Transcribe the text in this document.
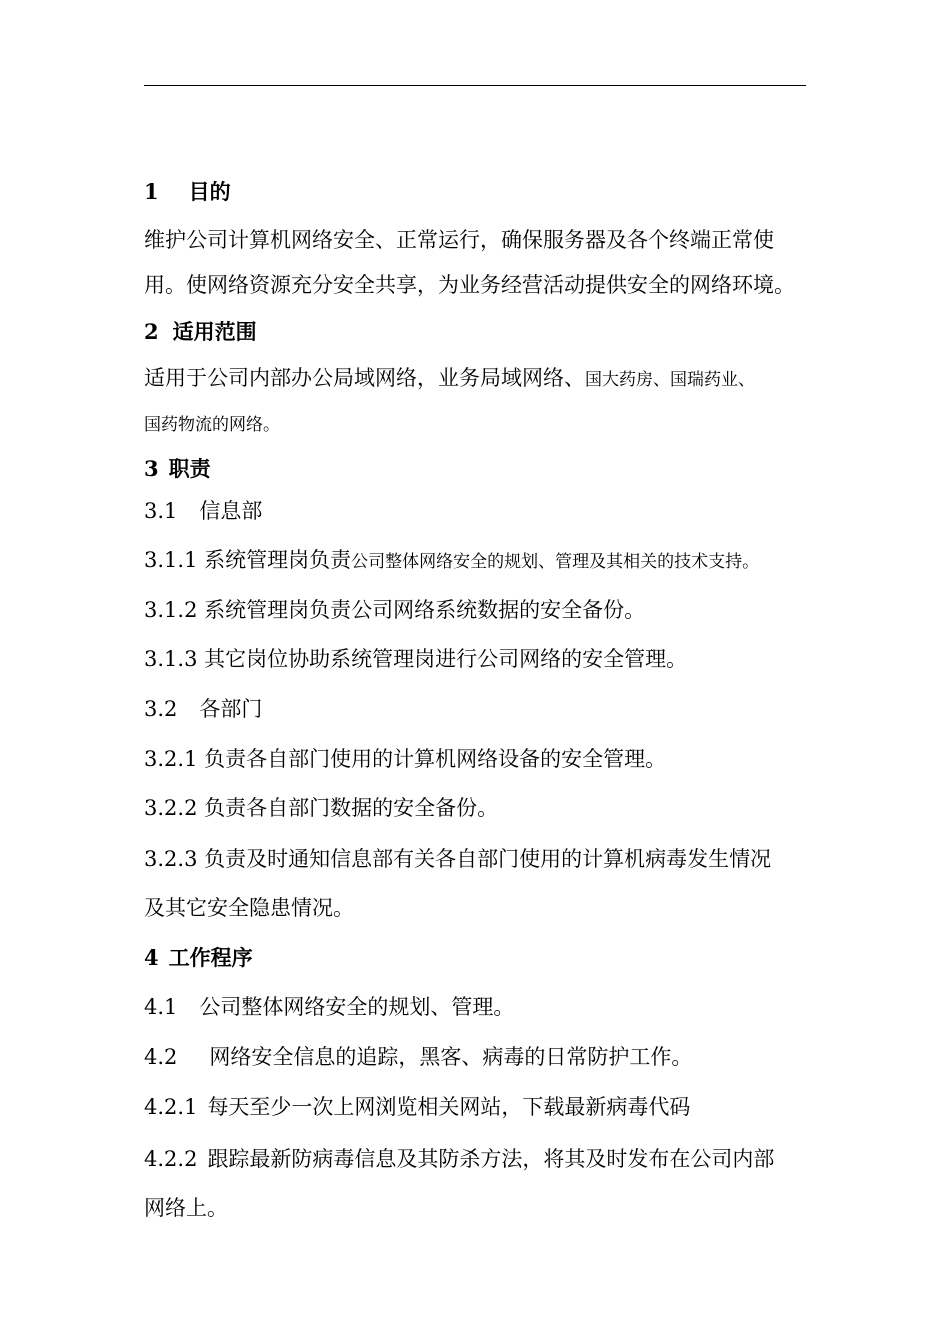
1 目的
维护公司计算机网络安全、正常运行，确保服务器及各个终端正常使
用。使网络资源充分安全共享，为业务经营活动提供安全的网络环境。
2 适用范围
适用于公司内部办公局域网络，业务局域网络、国大药房、国瑞药业、
国药物流的网络。
3 职责
3.1 信息部
3.1.1 系统管理岗负责公司整体网络安全的规划、管理及其相关的技术支持。
3.1.2 系统管理岗负责公司网络系统数据的安全备份。
3.1.3 其它岗位协助系统管理岗进行公司网络的安全管理。
3.2 各部门
3.2.1 负责各自部门使用的计算机网络设备的安全管理。
3.2.2 负责各自部门数据的安全备份。
3.2.3 负责及时通知信息部有关各自部门使用的计算机病毒发生情况
及其它安全隐患情况。
4 工作程序
4.1 公司整体网络安全的规划、管理。
4.2 网络安全信息的追踪，黑客、病毒的日常防护工作。
4.2.1 每天至少一次上网浏览相关网站，下载最新病毒代码
4.2.2 跟踪最新防病毒信息及其防杀方法，将其及时发布在公司内部
网络上。
